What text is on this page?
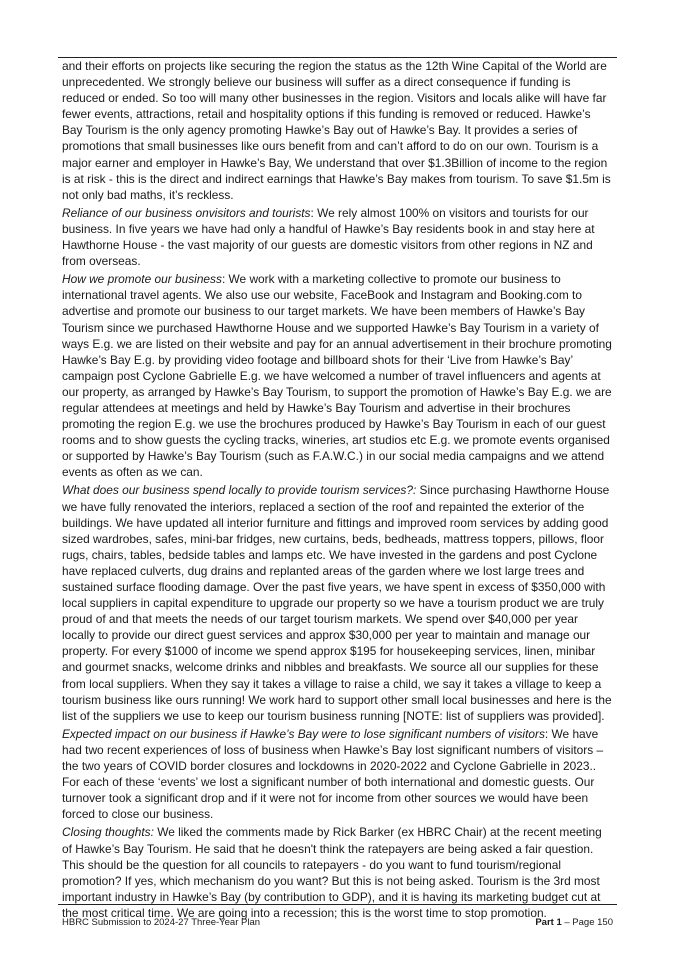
and their efforts on projects like securing the region the status as the 12th Wine Capital of the World are unprecedented. We strongly believe our business will suffer as a direct consequence if funding is reduced or ended. So too will many other businesses in the region. Visitors and locals alike will have far fewer events, attractions, retail and hospitality options if this funding is removed or reduced. Hawke’s Bay Tourism is the only agency promoting Hawke’s Bay out of Hawke’s Bay. It provides a series of promotions that small businesses like ours benefit from and can’t afford to do on our own. Tourism is a major earner and employer in Hawke’s Bay, We understand that over $1.3Billion of income to the region is at risk - this is the direct and indirect earnings that Hawke’s Bay makes from tourism. To save $1.5m is not only bad maths, it’s reckless.

Reliance of our business onvisitors and tourists: We rely almost 100% on visitors and tourists for our business. In five years we have had only a handful of Hawke’s Bay residents book in and stay here at Hawthorne House - the vast majority of our guests are domestic visitors from other regions in NZ and from overseas.

How we promote our business: We work with a marketing collective to promote our business to international travel agents. We also use our website, FaceBook and Instagram and Booking.com to advertise and promote our business to our target markets. We have been members of Hawke’s Bay Tourism since we purchased Hawthorne House and we supported Hawke’s Bay Tourism in a variety of ways E.g. we are listed on their website and pay for an annual advertisement in their brochure promoting Hawke’s Bay E.g. by providing video footage and billboard shots for their ‘Live from Hawke’s Bay’ campaign post Cyclone Gabrielle E.g. we have welcomed a number of travel influencers and agents at our property, as arranged by Hawke’s Bay Tourism, to support the promotion of Hawke’s Bay E.g. we are regular attendees at meetings and held by Hawke’s Bay Tourism and advertise in their brochures promoting the region E.g. we use the brochures produced by Hawke’s Bay Tourism in each of our guest rooms and to show guests the cycling tracks, wineries, art studios etc E.g. we promote events organised or supported by Hawke’s Bay Tourism (such as F.A.W.C.) in our social media campaigns and we attend events as often as we can.

What does our business spend locally to provide tourism services?: Since purchasing Hawthorne House we have fully renovated the interiors, replaced a section of the roof and repainted the exterior of the buildings. We have updated all interior furniture and fittings and improved room services by adding good sized wardrobes, safes, mini-bar fridges, new curtains, beds, bedheads, mattress toppers, pillows, floor rugs, chairs, tables, bedside tables and lamps etc. We have invested in the gardens and post Cyclone have replaced culverts, dug drains and replanted areas of the garden where we lost large trees and sustained surface flooding damage. Over the past five years, we have spent in excess of $350,000 with local suppliers in capital expenditure to upgrade our property so we have a tourism product we are truly proud of and that meets the needs of our target tourism markets. We spend over $40,000 per year locally to provide our direct guest services and approx $30,000 per year to maintain and manage our property. For every $1000 of income we spend approx $195 for housekeeping services, linen, minibar and gourmet snacks, welcome drinks and nibbles and breakfasts. We source all our supplies for these from local suppliers. When they say it takes a village to raise a child, we say it takes a village to keep a tourism business like ours running! We work hard to support other small local businesses and here is the list of the suppliers we use to keep our tourism business running [NOTE: list of suppliers was provided].

Expected impact on our business if Hawke’s Bay were to lose significant numbers of visitors: We have had two recent experiences of loss of business when Hawke’s Bay lost significant numbers of visitors – the two years of COVID border closures and lockdowns in 2020-2022 and Cyclone Gabrielle in 2023.. For each of these ‘events’ we lost a significant number of both international and domestic guests. Our turnover took a significant drop and if it were not for income from other sources we would have been forced to close our business.

Closing thoughts: We liked the comments made by Rick Barker (ex HBRC Chair) at the recent meeting of Hawke’s Bay Tourism. He said that he doesn't think the ratepayers are being asked a fair question. This should be the question for all councils to ratepayers - do you want to fund tourism/regional promotion? If yes, which mechanism do you want? But this is not being asked. Tourism is the 3rd most important industry in Hawke’s Bay (by contribution to GDP), and it is having its marketing budget cut at the most critical time. We are going into a recession; this is the worst time to stop promotion.

HBRC Submission to 2024-27 Three-Year Plan	Part 1 – Page 150
